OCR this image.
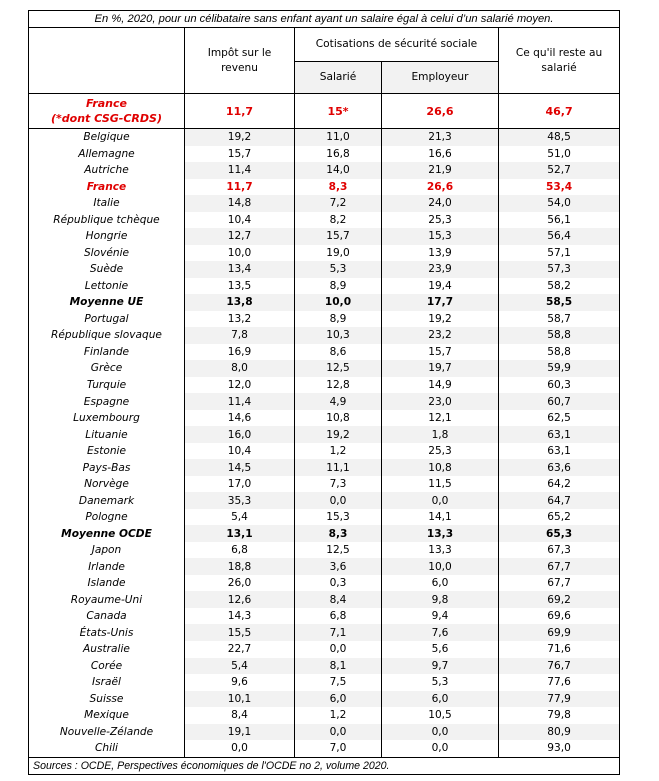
En %, 2020, pour un célibataire sans enfant ayant un salaire égal à celui d’un salarié moyen.				

	Impôt sur le revenu	Cotisations de sécurité sociale		Ce qu'il reste au salarié

		Salarié	Employeur	

France
(*dont CSG-CRDS)	11,7	15*	26,6	46,7
Belgique	19,2	11,0	21,3	48,5
Allemagne	15,7	16,8	16,6	51,0
Autriche	11,4	14,0	21,9	52,7
France	11,7	8,3	26,6	53,4
Italie	14,8	7,2	24,0	54,0
République tchèque	10,4	8,2	25,3	56,1
Hongrie	12,7	15,7	15,3	56,4
Slovénie	10,0	19,0	13,9	57,1
Suède	13,4	5,3	23,9	57,3
Lettonie	13,5	8,9	19,4	58,2
Moyenne UE	13,8	10,0	17,7	58,5
Portugal	13,2	8,9	19,2	58,7
République slovaque	7,8	10,3	23,2	58,8
Finlande	16,9	8,6	15,7	58,8
Grèce	8,0	12,5	19,7	59,9
Turquie	12,0	12,8	14,9	60,3
Espagne	11,4	4,9	23,0	60,7
Luxembourg	14,6	10,8	12,1	62,5
Lituanie	16,0	19,2	1,8	63,1
Estonie	10,4	1,2	25,3	63,1
Pays-Bas	14,5	11,1	10,8	63,6
Norvège	17,0	7,3	11,5	64,2
Danemark	35,3	0,0	0,0	64,7
Pologne	5,4	15,3	14,1	65,2
Moyenne OCDE	13,1	8,3	13,3	65,3
Japon	6,8	12,5	13,3	67,3
Irlande	18,8	3,6	10,0	67,7
Islande	26,0	0,3	6,0	67,7
Royaume-Uni	12,6	8,4	9,8	69,2
Canada	14,3	6,8	9,4	69,6
États-Unis	15,5	7,1	7,6	69,9
Australie	22,7	0,0	5,6	71,6
Corée	5,4	8,1	9,7	76,7
Israël	9,6	7,5	5,3	77,6
Suisse	10,1	6,0	6,0	77,9
Mexique	8,4	1,2	10,5	79,8
Nouvelle-Zélande	19,1	0,0	0,0	80,9
Chili	0,0	7,0	0,0	93,0
Sources : OCDE, Perspectives économiques de l'OCDE no 2, volume 2020.				
